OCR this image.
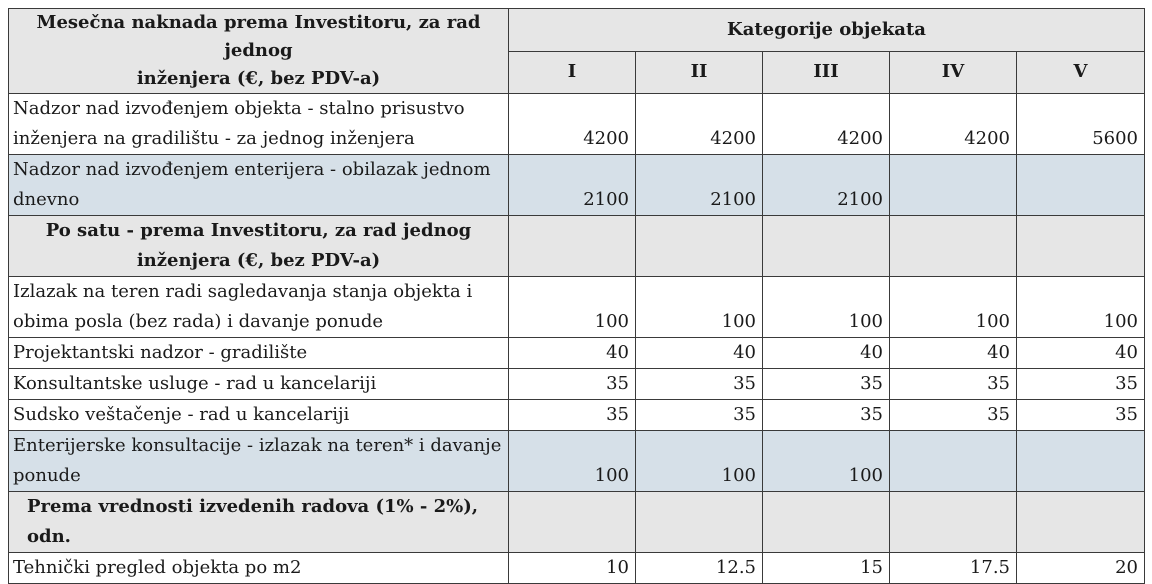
Mesečna naknada prema Investitoru, za rad jednog
inženjera (€, bez PDV-a)	Kategorije objekata				
	I	II	III	IV	V

Nadzor nad izvođenjem objekta - stalno prisustvo
inženjera na gradilištu - za jednog inženjera	4200	4200	4200	4200	5600

Nadzor nad izvođenjem enterijera - obilazak jednom
dnevno	2100	2100	2100		

Po satu - prema Investitoru, za rad jednog
inženjera (€, bez PDV-a)					

Izlazak na teren radi sagledavanja stanja objekta i
obima posla (bez rada) i davanje ponude	100	100	100	100	100
Projektantski nadzor - gradilište	40	40	40	40	40
Konsultantske usluge - rad u kancelariji	35	35	35	35	35
Sudsko veštačenje - rad u kancelariji	35	35	35	35	35

Enterijerske konsultacije - izlazak na teren* i davanje
ponude	100	100	100		
Prema vrednosti izvedenih radova (1% - 2%), odn.					
Tehnički pregled objekta po m2	10	12.5	15	17.5	20
